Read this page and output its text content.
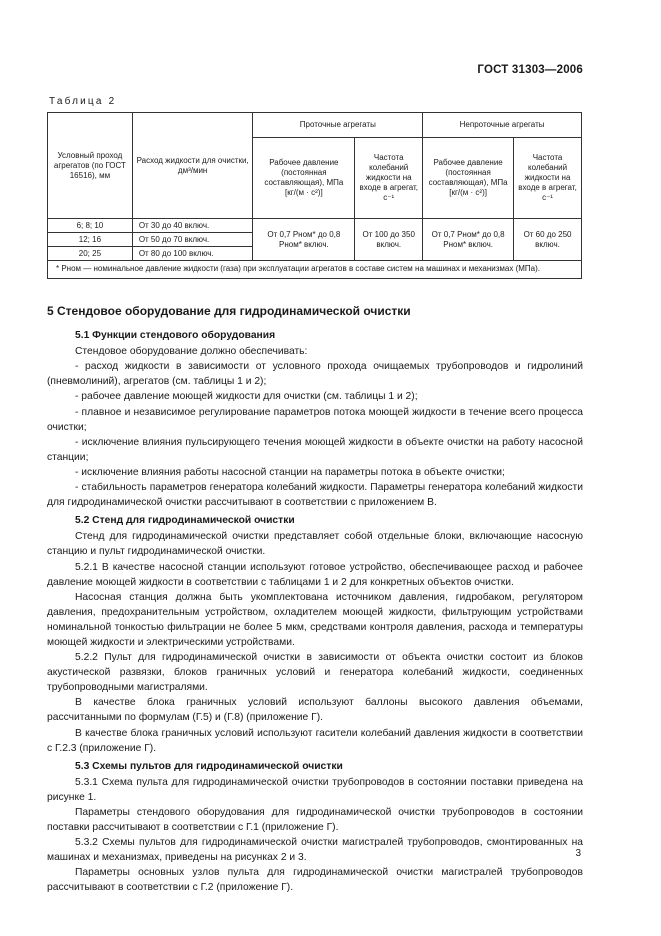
ГОСТ 31303—2006
Таблица 2
Условный проход агрегатов (по ГОСТ 16516), мм	Расход жидкости для очистки, дм³/мин	Проточные агрегаты		Непроточные агрегаты	
		Рабочее давление (постоянная составляющая), МПа [кг/(м · с²)]	Частота колебаний жидкости на входе в агрегат, с⁻¹	Рабочее давление (постоянная составляющая), МПа [кг/(м · с²)]	Частота колебаний жидкости на входе в агрегат, с⁻¹
6; 8; 10	От 30 до 40 включ.	От 0,7 Pном* до 0,8 Pном* включ.	От 100 до 350 включ.	От 0,7 Pном* до 0,8 Pном* включ.	От 60 до 250 включ.
12; 16	От 50 до 70 включ.				
20; 25	От 80 до 100 включ.				
* Pном — номинальное давление жидкости (газа) при эксплуатации агрегатов в составе систем на машинах и механизмах (МПа).					

5 Стендовое оборудование для гидродинамической очистки

5.1 Функции стендового оборудования

Стендовое оборудование должно обеспечивать:

- расход жидкости в зависимости от условного прохода очищаемых трубопроводов и гидролиний (пневмолиний), агрегатов (см. таблицы 1 и 2);

- рабочее давление моющей жидкости для очистки (см. таблицы 1 и 2);

- плавное и независимое регулирование параметров потока моющей жидкости в течение всего процесса очистки;

- исключение влияния пульсирующего течения моющей жидкости в объекте очистки на работу насосной станции;

- исключение влияния работы насосной станции на параметры потока в объекте очистки;

- стабильность параметров генератора колебаний жидкости. Параметры генератора колебаний жидкости для гидродинамической очистки рассчитывают в соответствии с приложением В.

5.2 Стенд для гидродинамической очистки

Стенд для гидродинамической очистки представляет собой отдельные блоки, включающие насосную станцию и пульт гидродинамической очистки.

5.2.1 В качестве насосной станции используют готовое устройство, обеспечивающее расход и рабочее давление моющей жидкости в соответствии с таблицами 1 и 2 для конкретных объектов очистки.

Насосная станция должна быть укомплектована источником давления, гидробаком, регулятором давления, предохранительным устройством, охладителем моющей жидкости, фильтрующим устройствами номинальной тонкостью фильтрации не более 5 мкм, средствами контроля давления, расхода и температуры моющей жидкости и электрическими устройствами.

5.2.2 Пульт для гидродинамической очистки в зависимости от объекта очистки состоит из блоков акустической развязки, блоков граничных условий и генератора колебаний жидкости, соединенных трубопроводными магистралями.

В качестве блока граничных условий используют баллоны высокого давления объемами, рассчитанными по формулам (Г.5) и (Г.8) (приложение Г).

В качестве блока граничных условий используют гасители колебаний давления жидкости в соответствии с Г.2.3 (приложение Г).

5.3 Схемы пультов для гидродинамической очистки

5.3.1 Схема пульта для гидродинамической очистки трубопроводов в состоянии поставки приведена на рисунке 1.

Параметры стендового оборудования для гидродинамической очистки трубопроводов в состоянии поставки рассчитывают в соответствии с Г.1 (приложение Г).

5.3.2 Схемы пультов для гидродинамической очистки магистралей трубопроводов, смонтированных на машинах и механизмах, приведены на рисунках 2 и 3.

Параметры основных узлов пульта для гидродинамической очистки магистралей трубопроводов рассчитывают в соответствии с Г.2 (приложение Г).

3
